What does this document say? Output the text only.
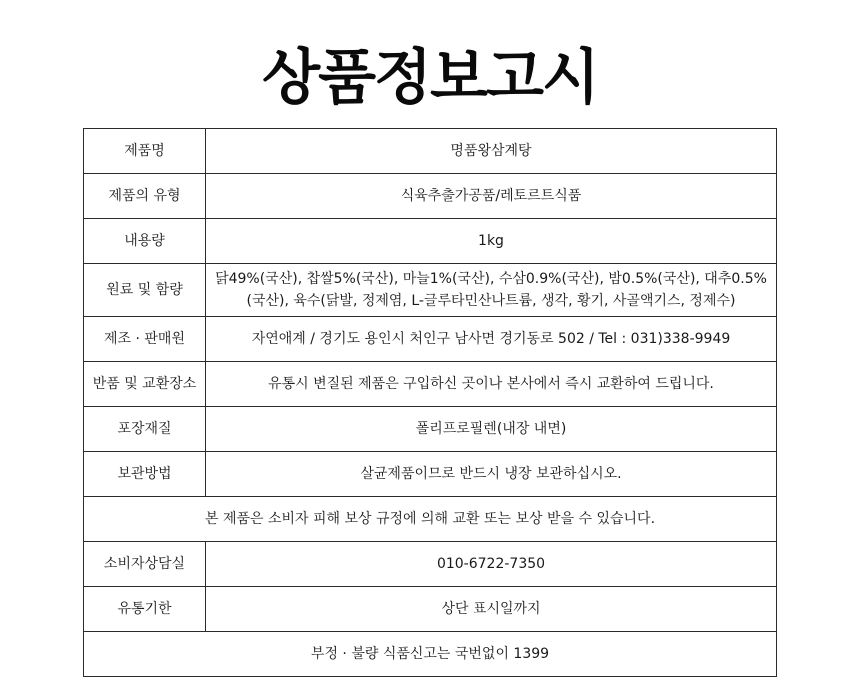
상품정보고시
제품명	명품왕삼계탕
제품의 유형	식육추출가공품/레토르트식품
내용량	1kg
원료 및 함량	닭49%(국산), 찹쌀5%(국산), 마늘1%(국산), 수삼0.9%(국산), 밤0.5%(국산), 대추0.5%(국산), 육수(닭발, 정제염, L-글루타민산나트륨, 생각, 황기, 사골액기스, 정제수)
제조 · 판매원	자연애계 / 경기도 용인시 처인구 남사면 경기동로 502 / Tel : 031)338-9949
반품 및 교환장소	유통시 변질된 제품은 구입하신 곳이나 본사에서 즉시 교환하여 드립니다.
포장재질	폴리프로필렌(내장 내면)
보관방법	살균제품이므로 반드시 냉장 보관하십시오.
본 제품은 소비자 피해 보상 규정에 의해 교환 또는 보상 받을 수 있습니다.	
소비자상담실	010-6722-7350
유통기한	상단 표시일까지
부정 · 불량 식품신고는 국번없이 1399	
